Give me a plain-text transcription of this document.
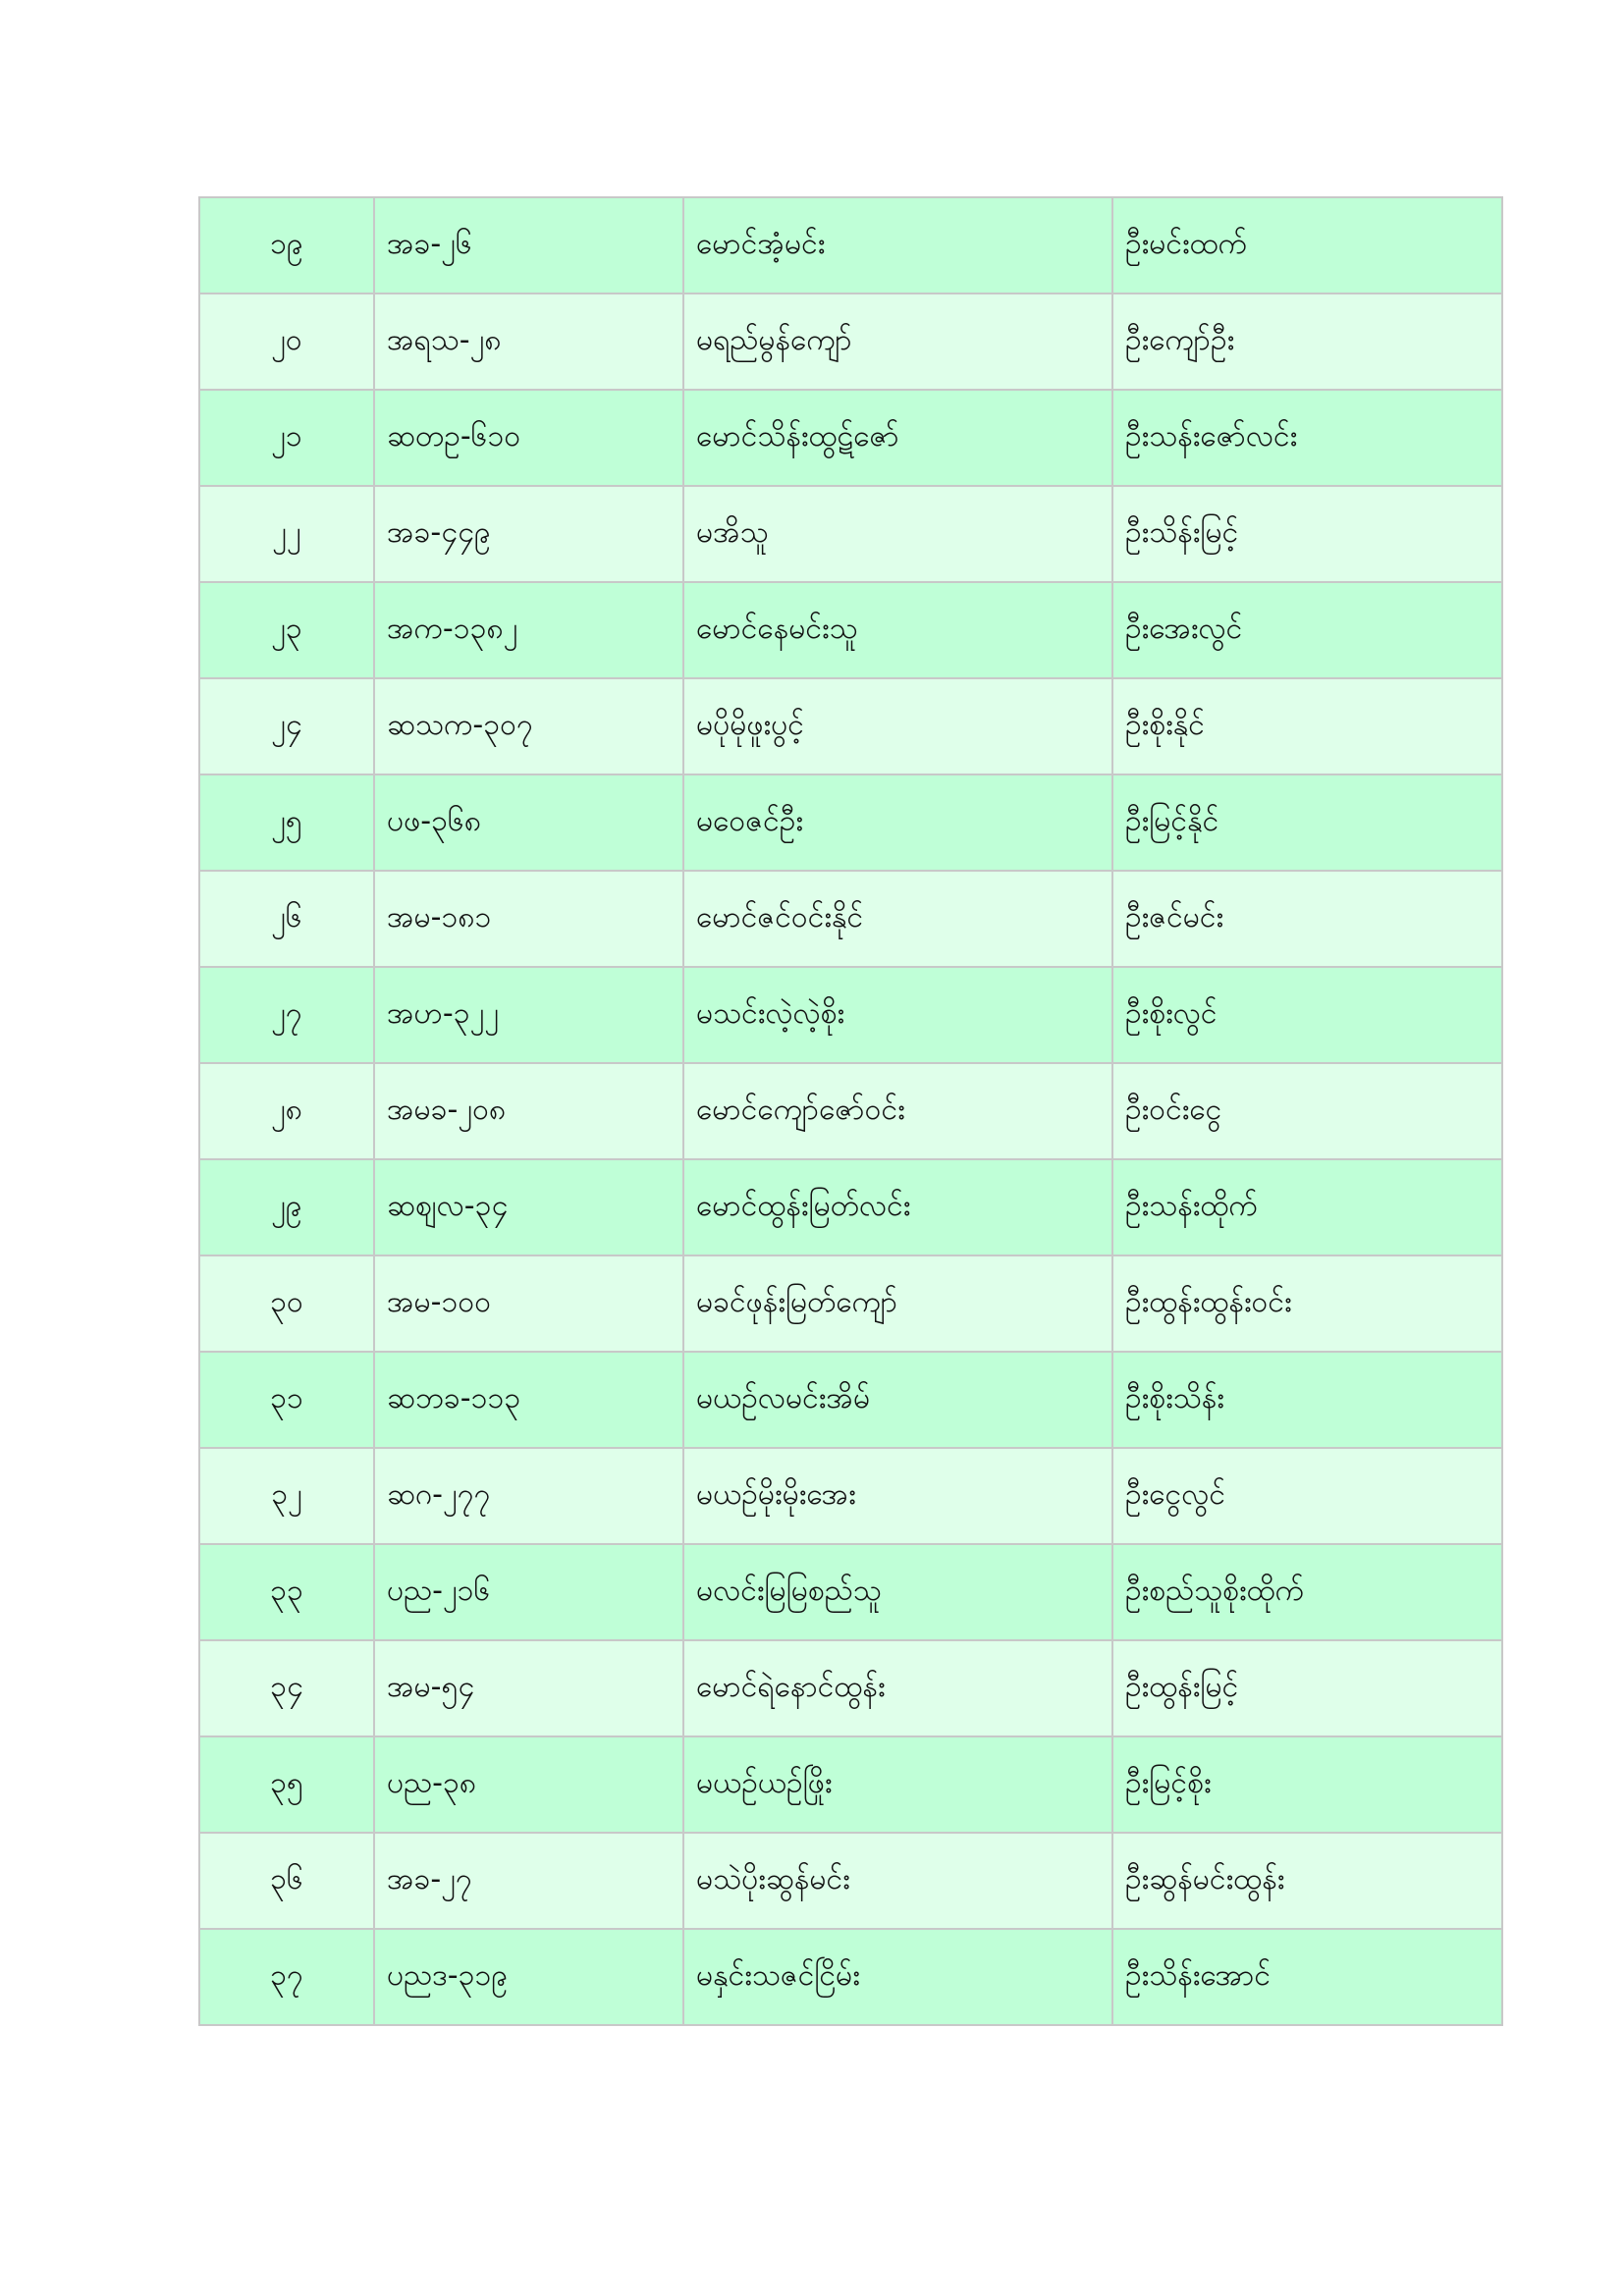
၁၉	အခ-၂၆	မောင်အံ့မင်း	ဦးမင်းထက်
၂၀	အရသ-၂၈	မရည်မွန်ကျော်	ဦးကျော်ဦး
၂၁	ဆတဥ-၆၁၀	မောင်သိန်းထွဋ်ဇော်	ဦးသန်းဇော်လင်း
၂၂	အခ-၄၄၉	မအိသူ	ဦးသိန်းမြင့်
၂၃	အက-၁၃၈၂	မောင်နေမင်းသူ	ဦးအေးလွင်
၂၄	ဆသက-၃၀၇	မပိုမိုဖူးပွင့်	ဦးစိုးနိုင်
၂၅	ပဖ-၃၆၈	မဝေဇင်ဦး	ဦးမြင့်နိုင်
၂၆	အမ-၁၈၁	မောင်ဇင်ဝင်းနိုင်	ဦးဇင်မင်း
၂၇	အဟ-၃၂၂	မသင်းလဲ့လဲ့စိုး	ဦးစိုးလွင်
၂၈	အမခ-၂၀၈	မောင်ကျော်ဇော်ဝင်း	ဦးဝင်းငွေ
၂၉	ဆစျလ-၃၄	မောင်ထွန်းမြတ်လင်း	ဦးသန်းထိုက်
၃၀	အမ-၁၀၀	မခင်ဖုန်းမြတ်ကျော်	ဦးထွန်းထွန်းဝင်း
၃၁	ဆဘခ-၁၁၃	မယဉ်လမင်းအိမ်	ဦးစိုးသိန်း
၃၂	ဆဂ-၂၇၇	မယဉ်မိုးမိုးအေး	ဦးငွေလွင်
၃၃	ပည-၂၁၆	မလင်းမြမြစည်သူ	ဦးစည်သူစိုးထိုက်
၃၄	အမ-၅၄	မောင်ရဲနောင်ထွန်း	ဦးထွန်းမြင့်
၃၅	ပည-၃၈	မယဉ်ယဉ်ဖြိုး	ဦးမြင့်စိုး
၃၆	အခ-၂၇	မသဲပိုးဆွန်မင်း	ဦးဆွန်မင်းထွန်း
၃၇	ပညဒ-၃၁၉	မနှင်းသဇင်ငြိမ်း	ဦးသိန်းအောင်
